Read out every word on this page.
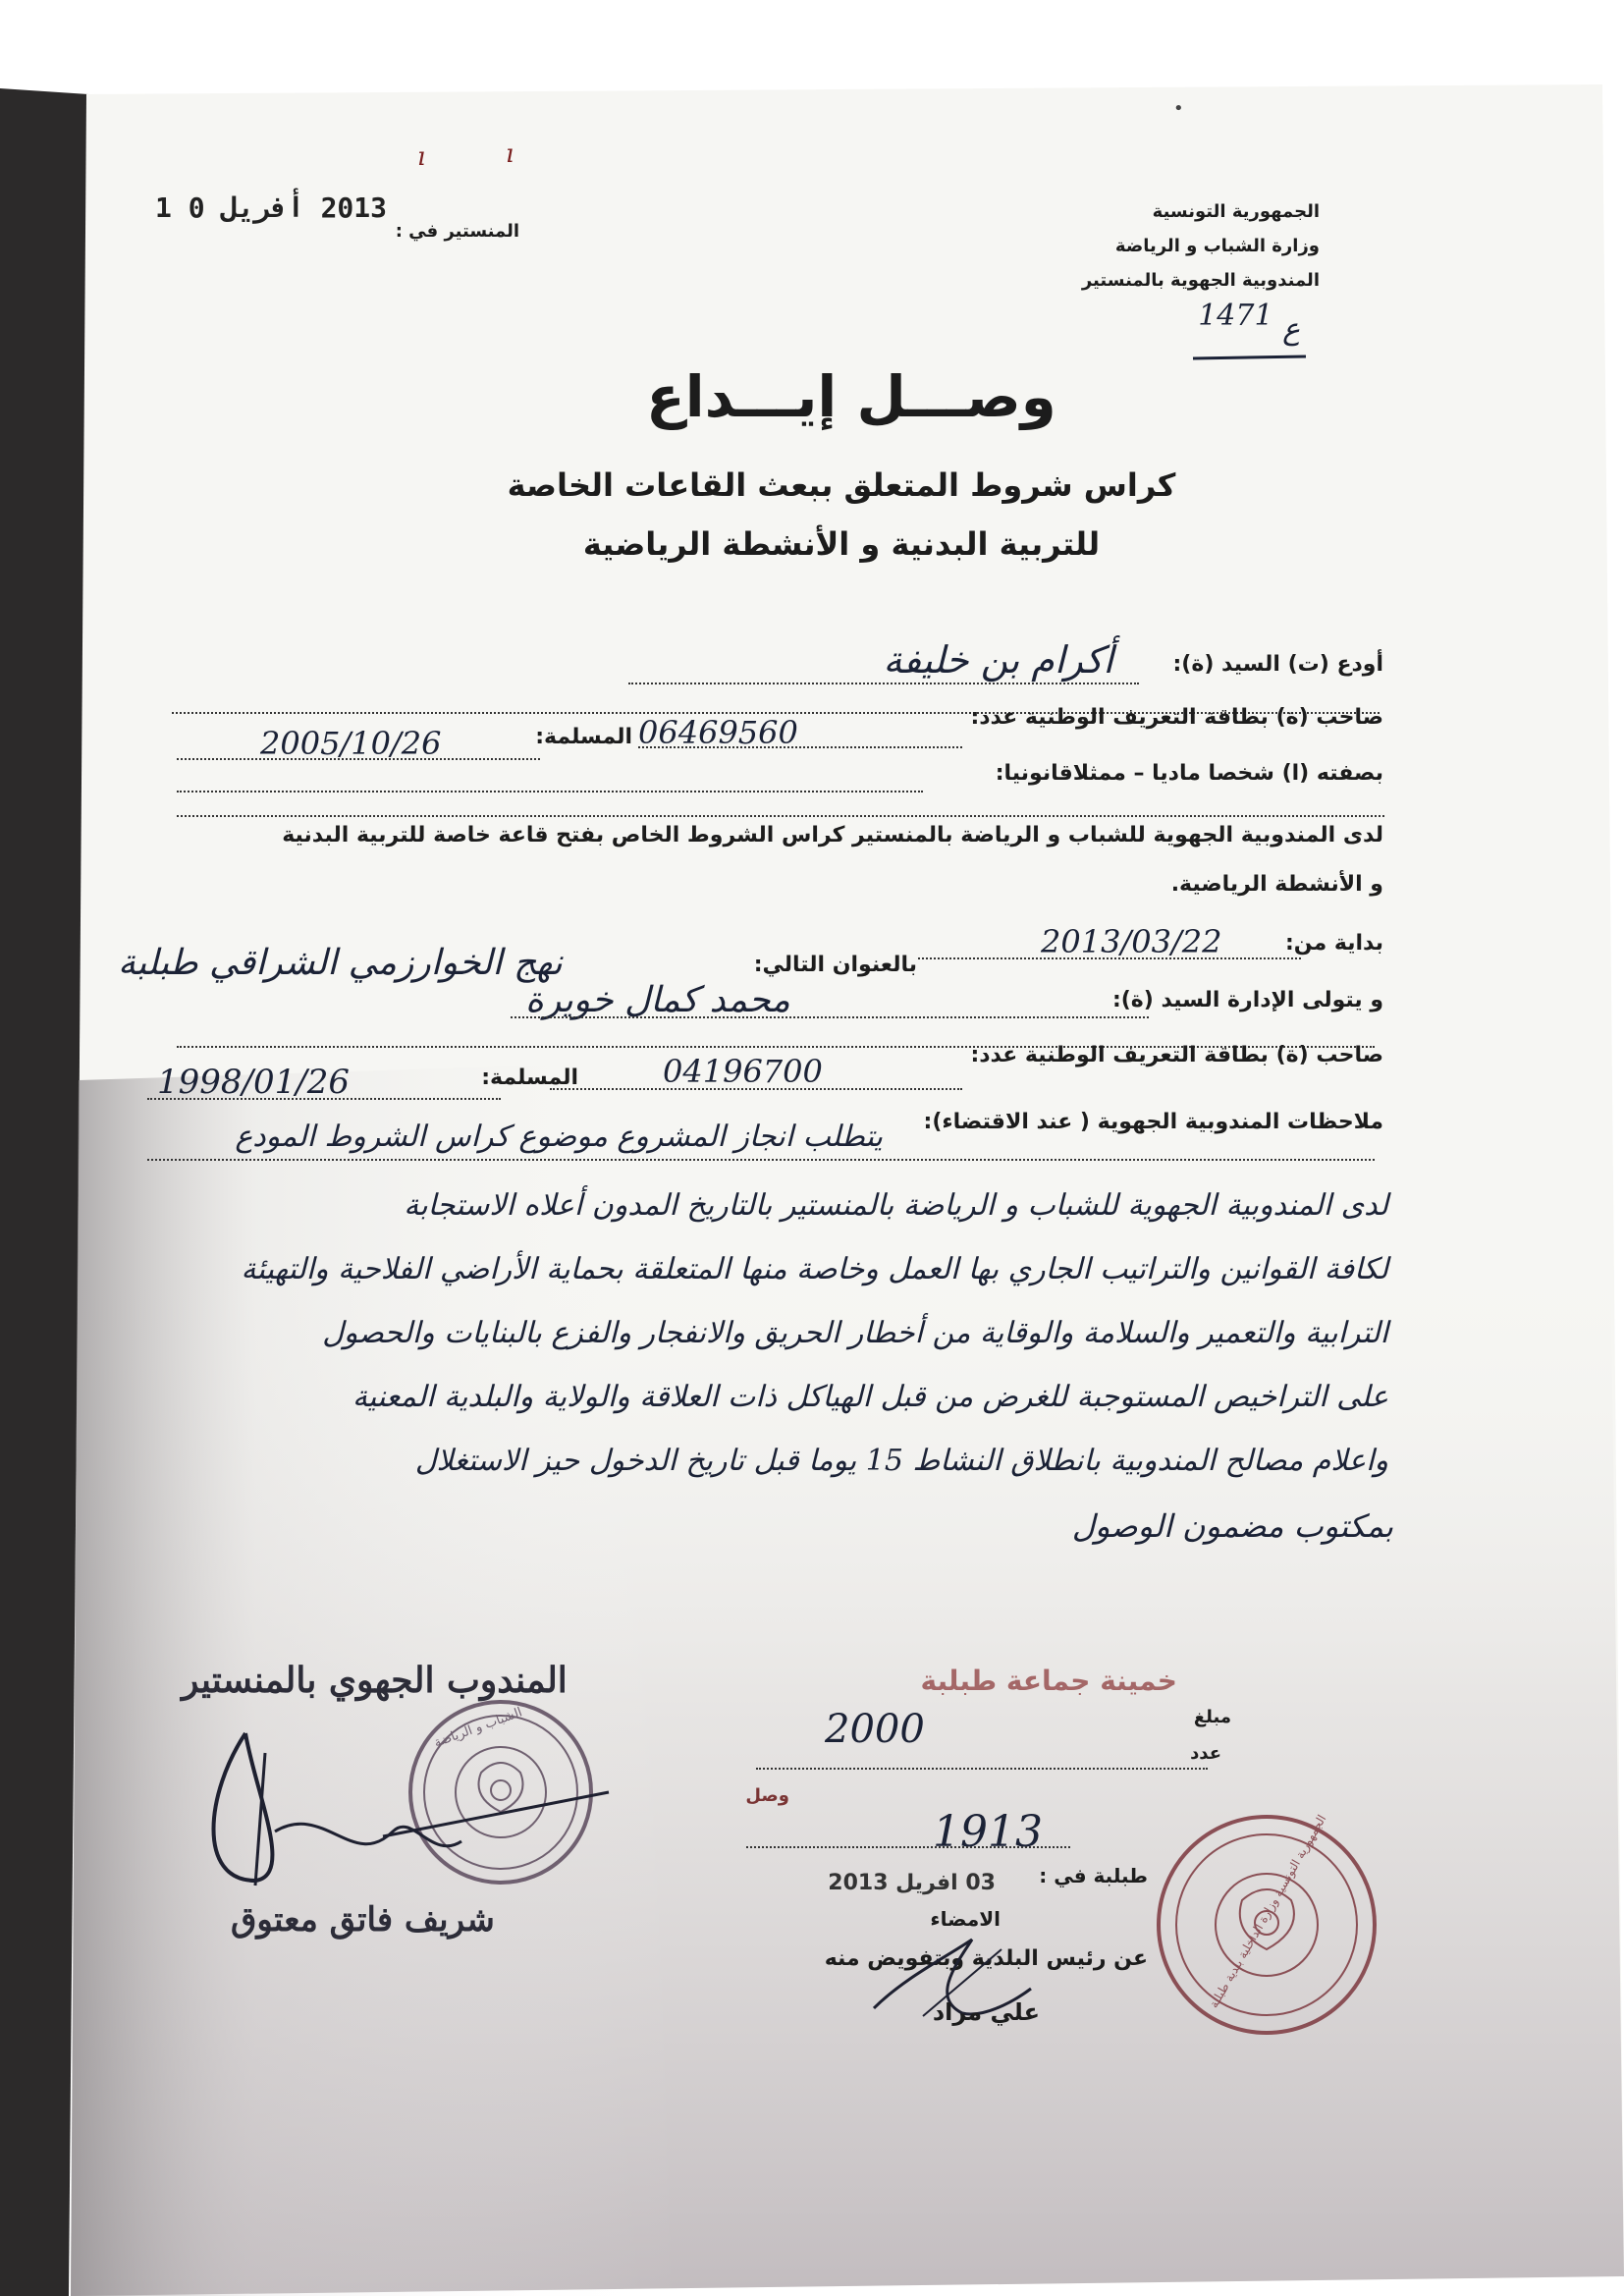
ı	ı
الجمهورية التونسية
وزارة الشباب و الرياضة
المندوبية الجهوية بالمنستير
ع 1471
المنستير في :
2013 أفريل 0 1
وصـــل إيـــداع
كراس شروط المتعلق ببعث القاعات الخاصة
للتربية البدنية و الأنشطة الرياضية
أودع (ت) السيد (ة):
أكرام بن خليفة
صاحب (ة) بطاقة التعريف الوطنية عدد:
06469560
المسلمة:
2005/10/26
بصفته (ا) شخصا ماديا – ممثلاقانونيا:
لدى المندوبية الجهوية للشباب و الرياضة بالمنستير كراس الشروط الخاص بفتح قاعة خاصة للتربية البدنية
و الأنشطة الرياضية.
بداية من:
2013/03/22
بالعنوان التالي:
نهج الخوارزمي الشراقي طبلبة
و يتولى الإدارة السيد (ة):
محمد كمال خويرة
صاحب (ة) بطاقة التعريف الوطنية عدد:
04196700
المسلمة:
1998/01/26
ملاحظات المندوبية الجهوية ( عند الاقتضاء):
يتطلب انجاز المشروع موضوع كراس الشروط المودع
لدى المندوبية الجهوية للشباب و الرياضة بالمنستير بالتاريخ المدون أعلاه الاستجابة
لكافة القوانين والتراتيب الجاري بها العمل وخاصة منها المتعلقة بحماية الأراضي الفلاحية والتهيئة
الترابية والتعمير والسلامة والوقاية من أخطار الحريق والانفجار والفزع بالبنايات والحصول
على التراخيص المستوجبة للغرض من قبل الهياكل ذات العلاقة والولاية والبلدية المعنية
واعلام مصالح المندوبية بانطلاق النشاط 15 يوما قبل تاريخ الدخول حيز الاستغلال
بمكتوب مضمون الوصول
المندوب الجهوي بالمنستير
الشباب و الرياضة
شريف فاتق معتوق
خمينة جماعة طبلبة
مبلغ
2000
عدد
وصل
1913
طبلبة في :
03 افريل 2013
الامضاء
عن رئيس البلدية وبتفويض منه
علي مراد
الجمهورية التونسية وزارة الداخلية بلدية طبلبة
•
